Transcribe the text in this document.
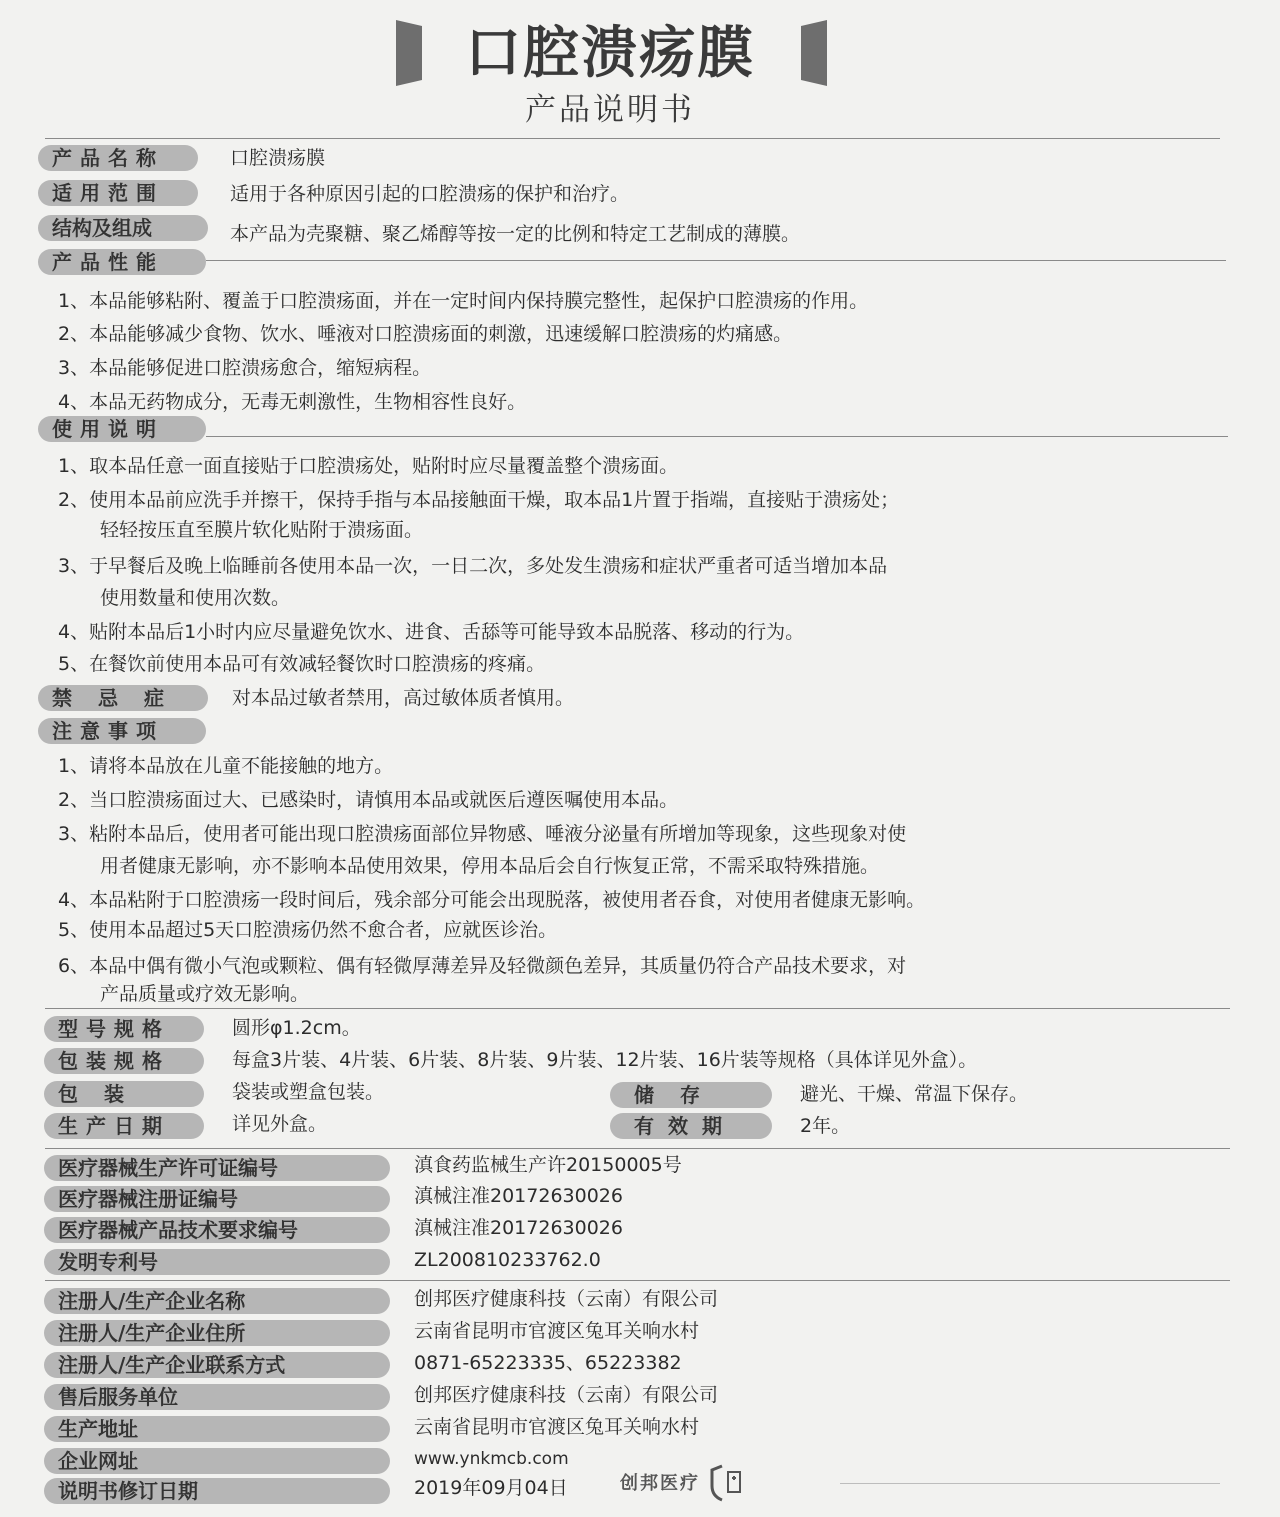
口腔溃疡膜
产品说明书
产品名称	口腔溃疡膜
适用范围	适用于各种原因引起的口腔溃疡的保护和治疗。
结构及组成	本产品为壳聚糖、聚乙烯醇等按一定的比例和特定工艺制成的薄膜。
产品性能
1、本品能够粘附、覆盖于口腔溃疡面，并在一定时间内保持膜完整性，起保护口腔溃疡的作用。
2、本品能够减少食物、饮水、唾液对口腔溃疡面的刺激，迅速缓解口腔溃疡的灼痛感。
3、本品能够促进口腔溃疡愈合，缩短病程。
4、本品无药物成分，无毒无刺激性，生物相容性良好。
使用说明
1、取本品任意一面直接贴于口腔溃疡处，贴附时应尽量覆盖整个溃疡面。
2、使用本品前应洗手并擦干，保持手指与本品接触面干燥，取本品1片置于指端，直接贴于溃疡处；
轻轻按压直至膜片软化贴附于溃疡面。
3、于早餐后及晚上临睡前各使用本品一次，一日二次，多处发生溃疡和症状严重者可适当增加本品
使用数量和使用次数。
4、贴附本品后1小时内应尽量避免饮水、进食、舌舔等可能导致本品脱落、移动的行为。
5、在餐饮前使用本品可有效减轻餐饮时口腔溃疡的疼痛。
禁忌症	对本品过敏者禁用，高过敏体质者慎用。
注意事项
1、请将本品放在儿童不能接触的地方。
2、当口腔溃疡面过大、已感染时，请慎用本品或就医后遵医嘱使用本品。
3、粘附本品后，使用者可能出现口腔溃疡面部位异物感、唾液分泌量有所增加等现象，这些现象对使
用者健康无影响，亦不影响本品使用效果，停用本品后会自行恢复正常，不需采取特殊措施。
4、本品粘附于口腔溃疡一段时间后，残余部分可能会出现脱落，被使用者吞食，对使用者健康无影响。
5、使用本品超过5天口腔溃疡仍然不愈合者，应就医诊治。
6、本品中偶有微小气泡或颗粒、偶有轻微厚薄差异及轻微颜色差异，其质量仍符合产品技术要求，对
产品质量或疗效无影响。
型号规格	圆形φ1.2cm。
包装规格	每盒3片装、4片装、6片装、8片装、9片装、12片装、16片装等规格（具体详见外盒）。
包装	袋装或塑盒包装。	储存	避光、干燥、常温下保存。
生产日期	详见外盒。	有效期	2年。
医疗器械生产许可证编号	滇食药监械生产许20150005号
医疗器械注册证编号	滇械注准20172630026
医疗器械产品技术要求编号	滇械注准20172630026
发明专利号	ZL200810233762.0
注册人/生产企业名称	创邦医疗健康科技（云南）有限公司
注册人/生产企业住所	云南省昆明市官渡区兔耳关响水村
注册人/生产企业联系方式	0871-65223335、65223382
售后服务单位	创邦医疗健康科技（云南）有限公司
生产地址	云南省昆明市官渡区兔耳关响水村
企业网址	www.ynkmcb.com
说明书修订日期	2019年09月04日	创邦医疗
